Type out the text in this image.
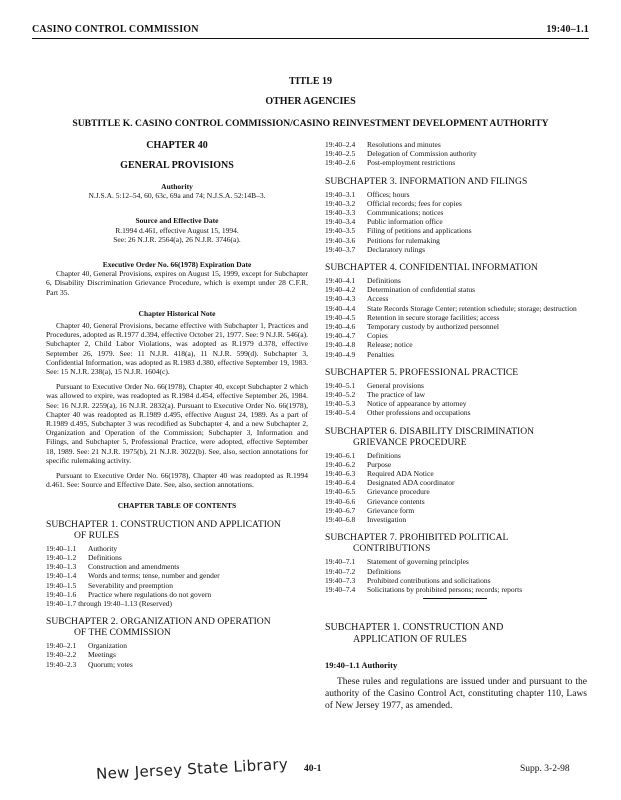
CASINO CONTROL COMMISSION	19:40–1.1
TITLE 19
OTHER AGENCIES
SUBTITLE K. CASINO CONTROL COMMISSION/CASINO REINVESTMENT DEVELOPMENT AUTHORITY
CHAPTER 40
GENERAL PROVISIONS
Authority
N.J.S.A. 5:12–54, 60, 63c, 69a and 74; N.J.S.A. 52:14B–3.
Source and Effective Date
R.1994 d.461, effective August 15, 1994.
See: 26 N.J.R. 2564(a), 26 N.J.R. 3746(a).
Executive Order No. 66(1978) Expiration Date

Chapter 40, General Provisions, expires on August 15, 1999, except for Subchapter 6, Disability Discrimination Grievance Procedure, which is exempt under 28 C.F.R. Part 35.

Chapter Historical Note

Chapter 40, General Provisions, became effective with Subchapter 1, Practices and Procedures, adopted as R.1977 d.394, effective October 21, 1977. See: 9 N.J.R. 546(a). Subchapter 2, Child Labor Violations, was adopted as R.1979 d.378, effective September 26, 1979. See: 11 N.J.R. 418(a), 11 N.J.R. 599(d). Subchapter 3, Confidential Information, was adopted as R.1983 d.380, effective September 19, 1983. See: 15 N.J.R. 238(a), 15 N.J.R. 1604(c).

Pursuant to Executive Order No. 66(1978), Chapter 40, except Subchapter 2 which was allowed to expire, was readopted as R.1984 d.454, effective September 26, 1984. See: 16 N.J.R. 2259(a), 16 N.J.R. 2832(a). Pursuant to Executive Order No. 66(1978), Chapter 40 was readopted as R.1989 d.495, effective August 24, 1989. As a part of R.1989 d.495, Subchapter 3 was recodified as Subchapter 4, and a new Subchapter 2, Organization and Operation of the Commission; Subchapter 3, Information and Filings, and Subchapter 5, Professional Practice, were adopted, effective September 18, 1989. See: 21 N.J.R. 1975(b), 21 N.J.R. 3022(b). See, also, section annotations for specific rulemaking activity.

Pursuant to Executive Order No. 66(1978), Chapter 40 was readopted as R.1994 d.461. See: Source and Effective Date. See, also, section annotations.

CHAPTER TABLE OF CONTENTS
SUBCHAPTER 1. CONSTRUCTION AND APPLICATION
OF RULES
19:40–1.1	Authority
19:40–1.2	Definitions
19:40–1.3	Construction and amendments
19:40–1.4	Words and terms; tense, number and gender
19:40–1.5	Severability and preemption
19:40–1.6	Practice where regulations do not govern
19:40–1.7 through 19:40–1.13 (Reserved)
SUBCHAPTER 2. ORGANIZATION AND OPERATION
OF THE COMMISSION
19:40–2.1	Organization
19:40–2.2	Meetings
19:40–2.3	Quorum; votes
19:40–2.4	Resolutions and minutes
19:40–2.5	Delegation of Commission authority
19:40–2.6	Post-employment restrictions
SUBCHAPTER 3. INFORMATION AND FILINGS
19:40–3.1	Offices; hours
19:40–3.2	Official records; fees for copies
19:40–3.3	Communications; notices
19:40–3.4	Public information office
19:40–3.5	Filing of petitions and applications
19:40–3.6	Petitions for rulemaking
19:40–3.7	Declaratory rulings
SUBCHAPTER 4. CONFIDENTIAL INFORMATION
19:40–4.1	Definitions
19:40–4.2	Determination of confidential status
19:40–4.3	Access
19:40–4.4	State Records Storage Center; retention schedule; storage; destruction
19:40–4.5	Retention in secure storage facilities; access
19:40–4.6	Temporary custody by authorized personnel
19:40–4.7	Copies
19:40–4.8	Release; notice
19:40–4.9	Penalties
SUBCHAPTER 5. PROFESSIONAL PRACTICE
19:40–5.1	General provisions
19:40–5.2	The practice of law
19:40–5.3	Notice of appearance by attorney
19:40–5.4	Other professions and occupations
SUBCHAPTER 6. DISABILITY DISCRIMINATION
GRIEVANCE PROCEDURE
19:40–6.1	Definitions
19:40–6.2	Purpose
19:40–6.3	Required ADA Notice
19:40–6.4	Designated ADA coordinator
19:40–6.5	Grievance procedure
19:40–6.6	Grievance contents
19:40–6.7	Grievance form
19:40–6.8	Investigation
SUBCHAPTER 7. PROHIBITED POLITICAL
CONTRIBUTIONS
19:40–7.1	Statement of governing principles
19:40–7.2	Definitions
19:40–7.3	Prohibited contributions and solicitations
19:40–7.4	Solicitations by prohibited persons; records; reports
SUBCHAPTER 1. CONSTRUCTION AND
APPLICATION OF RULES
19:40–1.1 Authority

These rules and regulations are issued under and pursuant to the authority of the Casino Control Act, constituting chapter 110, Laws of New Jersey 1977, as amended.

New Jersey State Library 40-1	Supp. 3-2-98
